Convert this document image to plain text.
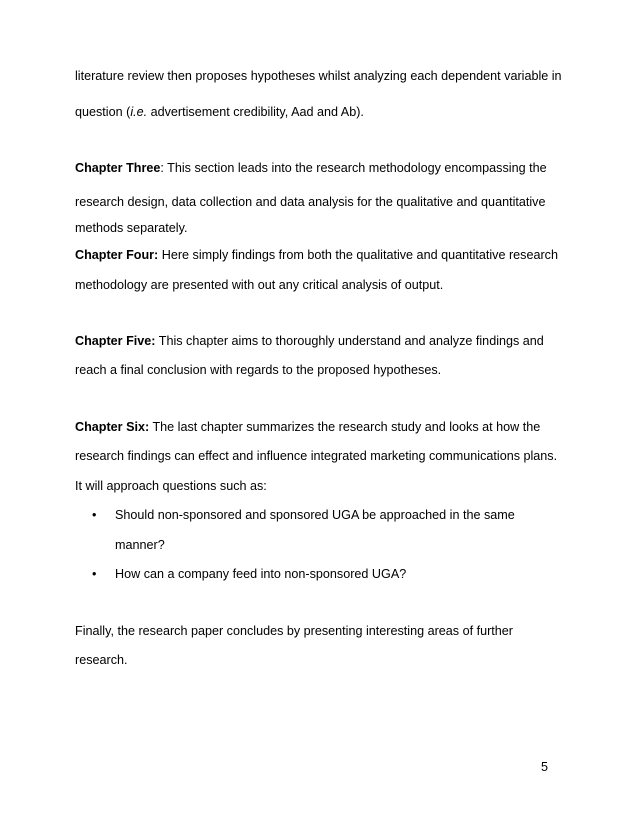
literature review then proposes hypotheses whilst analyzing each dependent variable in
question (i.e. advertisement credibility, Aad and Ab).
Chapter Three: This section leads into the research methodology encompassing the
research design, data collection and data analysis for the qualitative and quantitative
methods separately.
Chapter Four: Here simply findings from both the qualitative and quantitative research
methodology are presented with out any critical analysis of output.
Chapter Five: This chapter aims to thoroughly understand and analyze findings and
reach a final conclusion with regards to the proposed hypotheses.
Chapter Six: The last chapter summarizes the research study and looks at how the
research findings can effect and influence integrated marketing communications plans.
It will approach questions such as:
• Should non-sponsored and sponsored UGA be approached in the same
manner?
• How can a company feed into non-sponsored UGA?
Finally, the research paper concludes by presenting interesting areas of further
research.
5
